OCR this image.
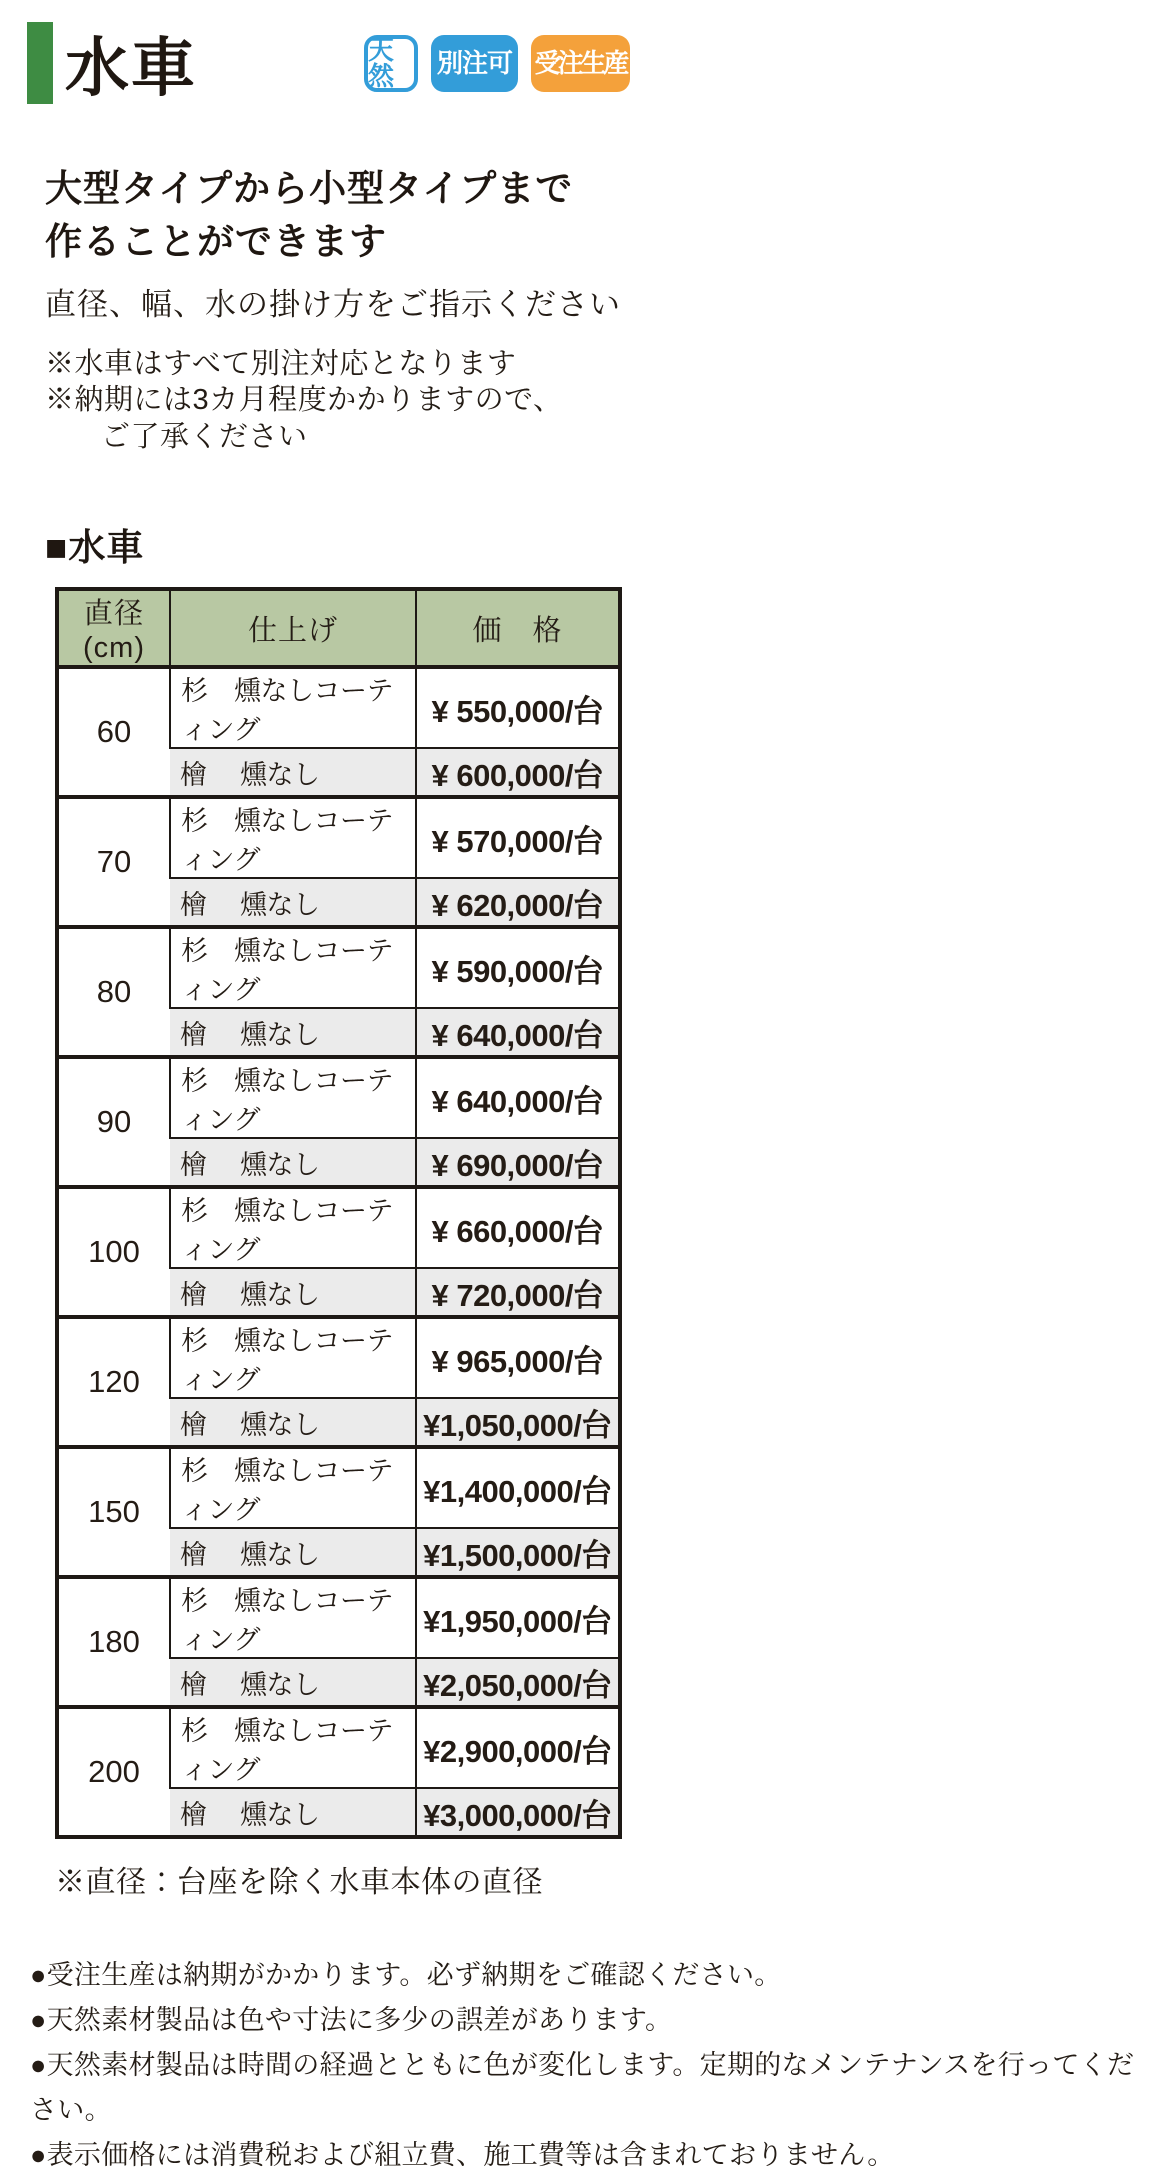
水車	天然	別注可 受注生産
大型タイプから小型タイプまで
作ることができます

直径、幅、水の掛け方をご指示ください

※水車はすべて別注対応となります

※納期には3カ月程度かかりますので、

ご了承ください

■水車
直径(cm)	仕上げ	価　格
60	杉　燻なしコーティング	¥ 550,000/台
	檜　 燻なし	¥ 600,000/台
70	杉　燻なしコーティング	¥ 570,000/台
	檜　 燻なし	¥ 620,000/台
80	杉　燻なしコーティング	¥ 590,000/台
	檜　 燻なし	¥ 640,000/台
90	杉　燻なしコーティング	¥ 640,000/台
	檜　 燻なし	¥ 690,000/台
100	杉　燻なしコーティング	¥ 660,000/台
	檜　 燻なし	¥ 720,000/台
120	杉　燻なしコーティング	¥ 965,000/台
	檜　 燻なし	¥1,050,000/台
150	杉　燻なしコーティング	¥1,400,000/台
	檜　 燻なし	¥1,500,000/台
180	杉　燻なしコーティング	¥1,950,000/台
	檜　 燻なし	¥2,050,000/台
200	杉　燻なしコーティング	¥2,900,000/台
	檜　 燻なし	¥3,000,000/台

※直径：台座を除く水車本体の直径

●受注生産は納期がかかります。必ず納期をご確認ください。

●天然素材製品は色や寸法に多少の誤差があります。

●天然素材製品は時間の経過とともに色が変化します。定期的なメンテナンスを行ってください。

●表示価格には消費税および組立費、施工費等は含まれておりません。
